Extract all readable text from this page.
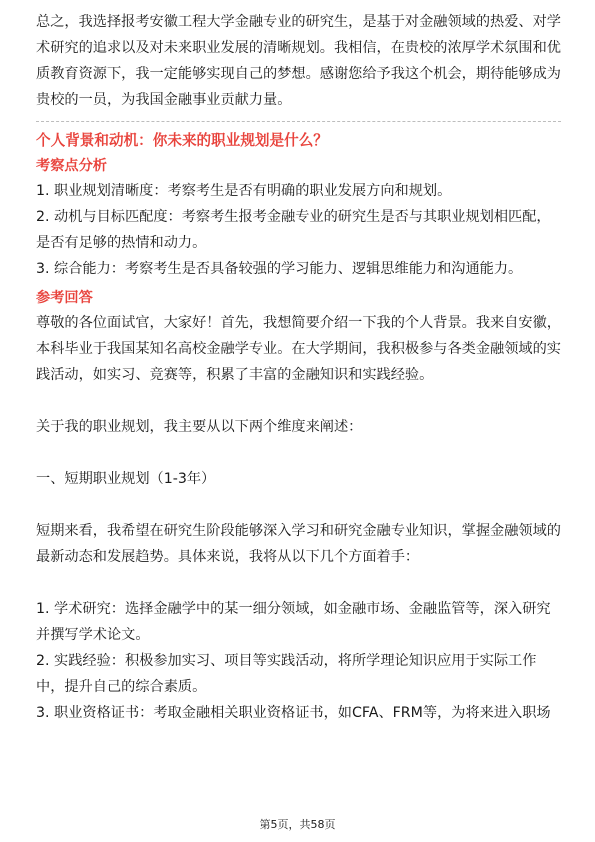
总之，我选择报考安徽工程大学金融专业的研究生，是基于对金融领域的热爱、对学术研究的追求以及对未来职业发展的清晰规划。我相信，在贵校的浓厚学术氛围和优质教育资源下，我一定能够实现自己的梦想。感谢您给予我这个机会，期待能够成为贵校的一员，为我国金融事业贡献力量。

个人背景和动机：你未来的职业规划是什么？

考察点分析

1. 职业规划清晰度：考察考生是否有明确的职业发展方向和规划。

2. 动机与目标匹配度：考察考生报考金融专业的研究生是否与其职业规划相匹配，是否有足够的热情和动力。

3. 综合能力：考察考生是否具备较强的学习能力、逻辑思维能力和沟通能力。

参考回答

尊敬的各位面试官，大家好！首先，我想简要介绍一下我的个人背景。我来自安徽，本科毕业于我国某知名高校金融学专业。在大学期间，我积极参与各类金融领域的实践活动，如实习、竞赛等，积累了丰富的金融知识和实践经验。

关于我的职业规划，我主要从以下两个维度来阐述：

一、短期职业规划（1-3年）

短期来看，我希望在研究生阶段能够深入学习和研究金融专业知识，掌握金融领域的最新动态和发展趋势。具体来说，我将从以下几个方面着手：

1. 学术研究：选择金融学中的某一细分领域，如金融市场、金融监管等，深入研究并撰写学术论文。

2. 实践经验：积极参加实习、项目等实践活动，将所学理论知识应用于实际工作中，提升自己的综合素质。

3. 职业资格证书：考取金融相关职业资格证书，如CFA、FRM等，为将来进入职场

第5页，共58页
